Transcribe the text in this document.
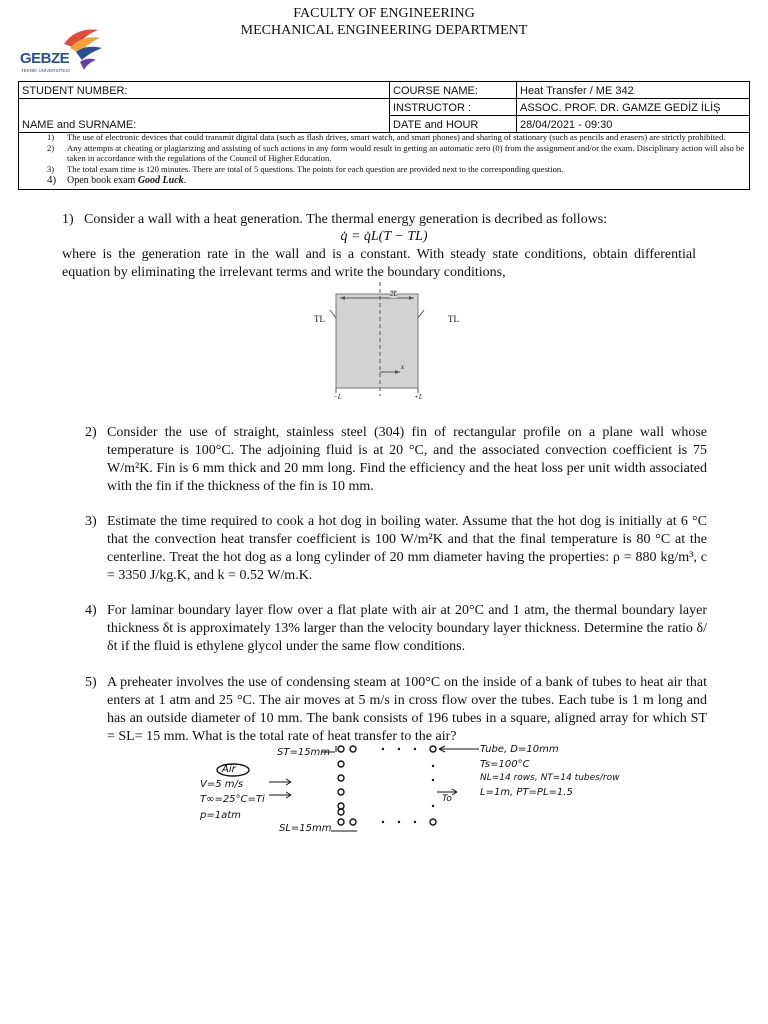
FACULTY OF ENGINEERING
MECHANICAL ENGINEERING DEPARTMENT
GEBZE
TEKNİK ÜNİVERSİTESİ
STUDENT NUMBER:	COURSE NAME:	Heat Transfer / ME 342
	INSTRUCTOR :	ASSOC. PROF. DR. GAMZE GEDİZ İLİŞ
NAME and SURNAME:	DATE and HOUR	28/04/2021 - 09:30
1) The use of electronic devices that could transmit digital data (such as flash drives, smart watch, and smart phones) and sharing of stationary (such as pencils and erasers) are strictly prohibited.
2) Any attempts at cheating or plagiarizing and assisting of such actions in any form would result in getting an automatic zero (0) from the assignment and/or the exam. Disciplinary action will also be taken in accordance with the regulations of the Council of Higher Education.
3) The total exam time is 120 minutes. There are total of 5 questions. The points for each question are provided next to the corresponding question.
4) Open book exam Good Luck.
1) Consider a wall with a heat generation. The thermal energy generation is decribed as follows:
q̇ = q̇L(T − TL)
where is the generation rate in the wall and is a constant. With steady state conditions, obtain differential equation by eliminating the irrelevant terms and write the boundary conditions,
TL	TL
2L
x
−L	+L
2) Consider the use of straight, stainless steel (304) fin of rectangular profile on a plane wall whose temperature is 100°C. The adjoining fluid is at 20 °C, and the associated convection coefficient is 75 W/m²K. Fin is 6 mm thick and 20 mm long. Find the efficiency and the heat loss per unit width associated with the fin if the thickness of the fin is 10 mm.
3) Estimate the time required to cook a hot dog in boiling water. Assume that the hot dog is initially at 6 °C that the convection heat transfer coefficient is 100 W/m²K and that the final temperature is 80 °C at the centerline. Treat the hot dog as a long cylinder of 20 mm diameter having the properties: ρ = 880 kg/m³, c = 3350 J/kg.K, and k = 0.52 W/m.K.
4) For laminar boundary layer flow over a flat plate with air at 20°C and 1 atm, the thermal boundary layer thickness δt is approximately 13% larger than the velocity boundary layer thickness. Determine the ratio δ/δt if the fluid is ethylene glycol under the same flow conditions.
5) A preheater involves the use of condensing steam at 100°C on the inside of a bank of tubes to heat air that enters at 1 atm and 25 °C. The air moves at 5 m/s in cross flow over the tubes. Each tube is 1 m long and has an outside diameter of 10 mm. The bank consists of 196 tubes in a square, aligned array for which ST = SL= 15 mm. What is the total rate of heat transfer to the air?
ST=15mm
Air
V=5 m/s
T∞=25°C=Ti
p=1atm
SL=15mm
Tube, D=10mm
Ts=100°C
NL=14 rows, NT=14 tubes/row
L=1m, PT=PL=1.5
To
